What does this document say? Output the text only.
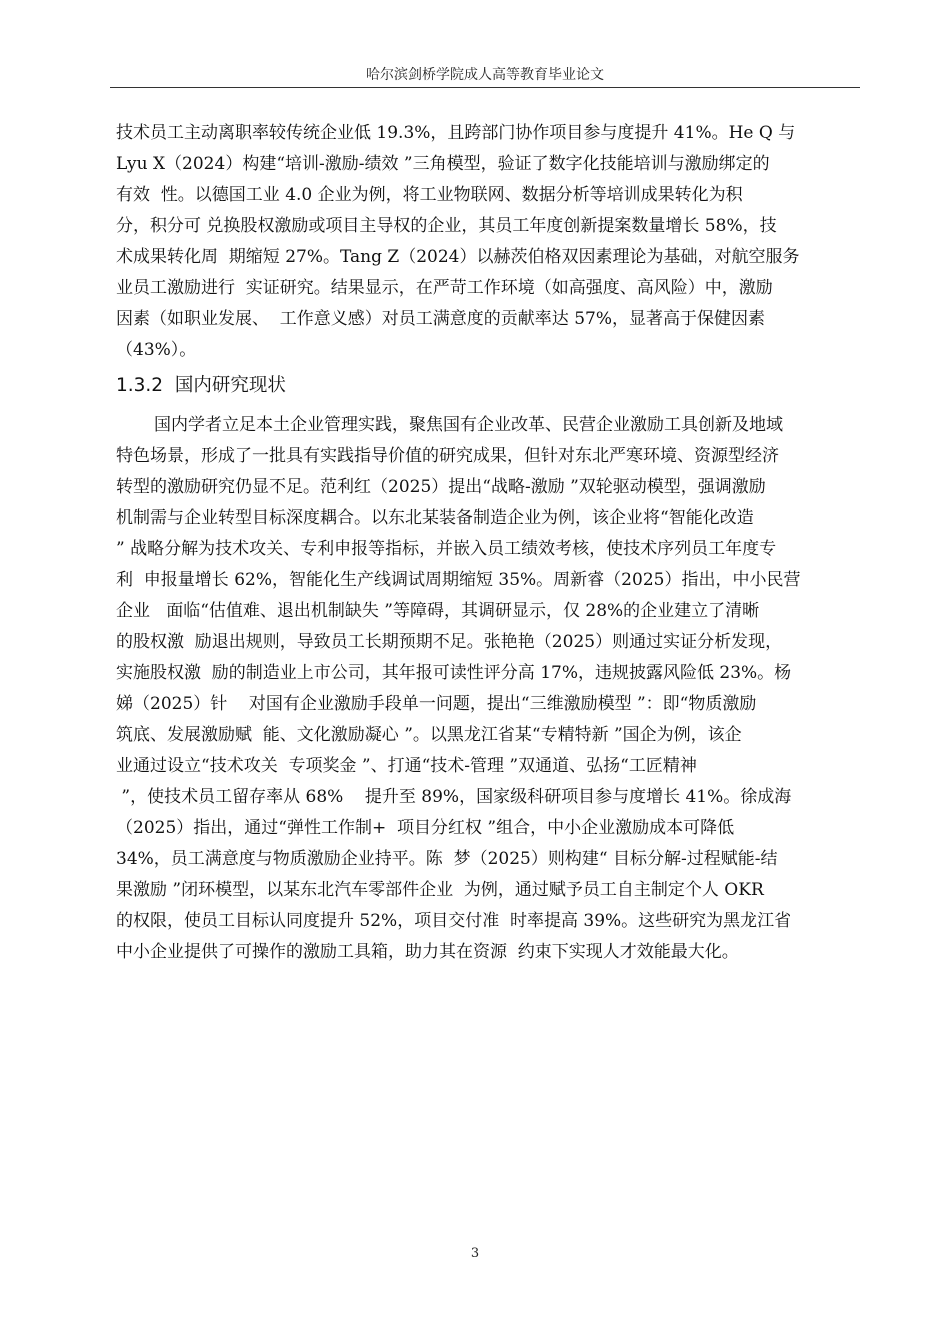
哈尔滨剑桥学院成人高等教育毕业论文
技术员工主动离职率较传统企业低 19.3%，且跨部门协作项目参与度提升 41%。He Q 与
Lyu X（2024）构建“培训-激励-绩效 ”三角模型，验证了数字化技能培训与激励绑定的
有效  性。以德国工业 4.0 企业为例，将工业物联网、数据分析等培训成果转化为积
分，积分可 兑换股权激励或项目主导权的企业，其员工年度创新提案数量增长 58%，技
术成果转化周  期缩短 27%。Tang Z（2024）以赫茨伯格双因素理论为基础，对航空服务
业员工激励进行  实证研究。结果显示，在严苛工作环境（如高强度、高风险）中，激励
因素（如职业发展、  工作意义感）对员工满意度的贡献率达 57%，显著高于保健因素
（43%）。
1.3.2  国内研究现状
国内学者立足本土企业管理实践，聚焦国有企业改革、民营企业激励工具创新及地域
特色场景，形成了一批具有实践指导价值的研究成果，但针对东北严寒环境、资源型经济
转型的激励研究仍显不足。范利红（2025）提出“战略-激励 ”双轮驱动模型，强调激励
机制需与企业转型目标深度耦合。以东北某装备制造企业为例，该企业将“智能化改造
” 战略分解为技术攻关、专利申报等指标，并嵌入员工绩效考核，使技术序列员工年度专
利  申报量增长 62%，智能化生产线调试周期缩短 35%。周新睿（2025）指出，中小民营
企业   面临“估值难、退出机制缺失 ”等障碍，其调研显示，仅 28%的企业建立了清晰
的股权激  励退出规则，导致员工长期预期不足。张艳艳（2025）则通过实证分析发现，
实施股权激  励的制造业上市公司，其年报可读性评分高 17%，违规披露风险低 23%。杨
娣（2025）针    对国有企业激励手段单一问题，提出“三维激励模型 ”：即“物质激励
筑底、发展激励赋  能、文化激励凝心 ”。以黑龙江省某“专精特新 ”国企为例，该企
业通过设立“技术攻关  专项奖金 ”、打通“技术-管理 ”双通道、弘扬“工匠精神
”，使技术员工留存率从 68%    提升至 89%，国家级科研项目参与度增长 41%。徐成海
（2025）指出，通过“弹性工作制+  项目分红权 ”组合，中小企业激励成本可降低
34%，员工满意度与物质激励企业持平。陈  梦（2025）则构建“ 目标分解-过程赋能-结
果激励 ”闭环模型，以某东北汽车零部件企业  为例，通过赋予员工自主制定个人 OKR
的权限，使员工目标认同度提升 52%，项目交付准  时率提高 39%。这些研究为黑龙江省
中小企业提供了可操作的激励工具箱，助力其在资源  约束下实现人才效能最大化。
3
